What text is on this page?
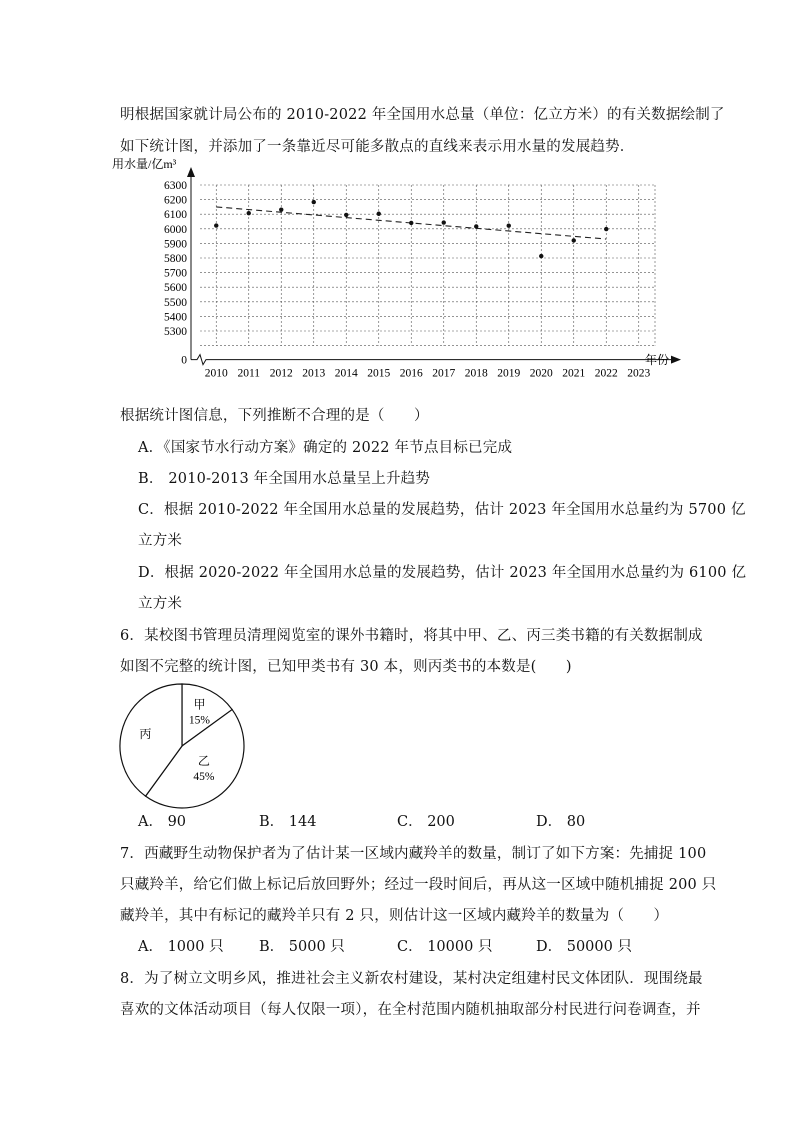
明根据国家就计局公布的 2010-2022 年全国用水总量（单位：亿立方米）的有关数据绘制了
如下统计图，并添加了一条靠近尽可能多散点的直线来表示用水量的发展趋势．
6300
6200
6100
6000
5900
5800
5700
5600
5500
5400
5300
0
2010 2011 2012 2013 2014 2015 2016 2017 2018 2019 2020 2021 2022 2023
用水量/亿m³
年份
根据统计图信息，下列推断不合理的是（　　）
A．《国家节水行动方案》确定的 2022 年节点目标已完成
B． 2010-2013 年全国用水总量呈上升趋势
C．根据 2010-2022 年全国用水总量的发展趋势，估计 2023 年全国用水总量约为 5700 亿
立方米
D．根据 2020-2022 年全国用水总量的发展趋势，估计 2023 年全国用水总量约为 6100 亿
立方米
6．某校图书管理员清理阅览室的课外书籍时，将其中甲、乙、丙三类书籍的有关数据制成
如图不完整的统计图，已知甲类书有 30 本，则丙类书的本数是(　　)
甲
15%
乙
45%
丙
A． 90	B． 144	C． 200	D． 80
7．西藏野生动物保护者为了估计某一区域内藏羚羊的数量，制订了如下方案：先捕捉 100
只藏羚羊，给它们做上标记后放回野外；经过一段时间后，再从这一区域中随机捕捉 200 只
藏羚羊，其中有标记的藏羚羊只有 2 只，则估计这一区域内藏羚羊的数量为（　　）
A． 1000 只 B． 5000 只	C． 10000 只	D． 50000 只
8．为了树立文明乡风，推进社会主义新农村建设，某村决定组建村民文体团队．现围绕最
喜欢的文体活动项目（每人仅限一项），在全村范围内随机抽取部分村民进行问卷调查，并
